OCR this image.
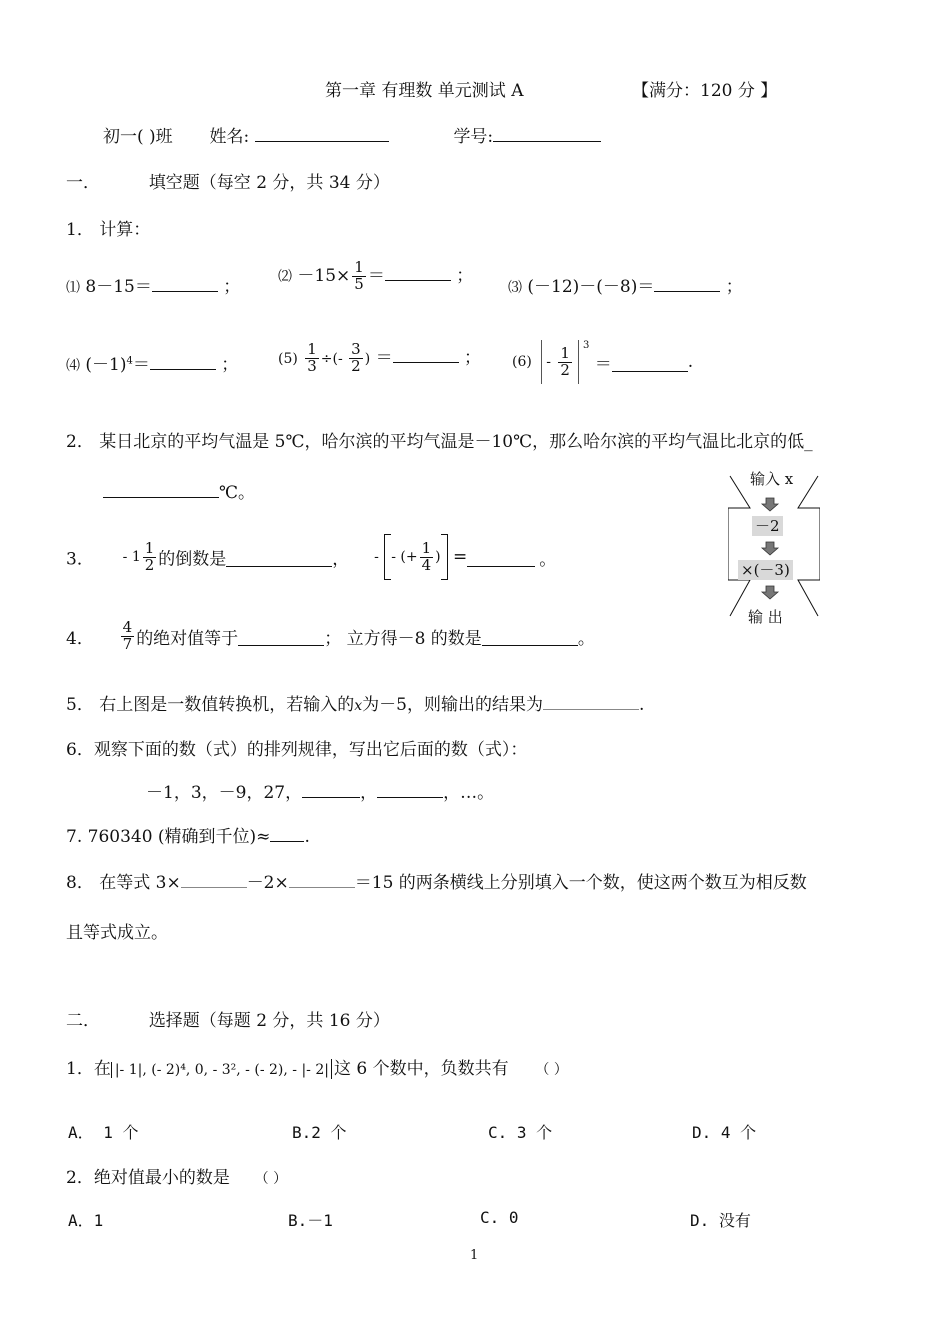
第一章 有理数 单元测试 A	【满分：120 分 】
初一( )班 姓名:	学号:
一．	填空题（每空 2 分，共 34 分）
1． 计算：
⑴ 8－15＝	；
⑵ $-15\times \frac{1}{5}$ ＝	；
⑶ (－12)－(－8)＝	；
⑷ $(-1)^4=$	；	$(5) \frac{1}{3}$ ÷(- $\frac{3}{2}$ ) ＝	； $(6) - \frac{1}{2}$
$^3$ ＝	.
2． 某日北京的平均气温是 5℃，哈尔滨的平均气温是－10℃，那么哈尔滨的平均气温比北京的低_
℃。
3． - $1 \frac{1}{2}$ 的倒数是	， - - (+ $\frac{1}{4}$ ) =	。
输入 x
－2
×(－3)
输 出
4． $\frac{4}{7}$ 的绝对值等于	； 立方得－8 的数是	。
5． 右上图是一数值转换机，若输入的x为－5，则输出的结果为	.
6．观察下面的数（式）的排列规律，写出它后面的数（式）：
－1，3，－9，27，	，	，…。
7. 760340 (精确到千位)≈ .
8． 在等式 3×	－2×	＝15 的两条横线上分别填入一个数，使这两个数互为相反数
且等式成立。
二．	选择题（每题 2 分，共 16 分）
1．在 |- 1|, (- 2)⁴, 0, - 3², - (- 2), - |- 2| 这 6 个数中，负数共有 （ ）
A． 1 个	B.2 个	C. 3 个	D. 4 个
2．绝对值最小的数是 （ ）
A．1	B.－1	C. 0	D. 没有
1
